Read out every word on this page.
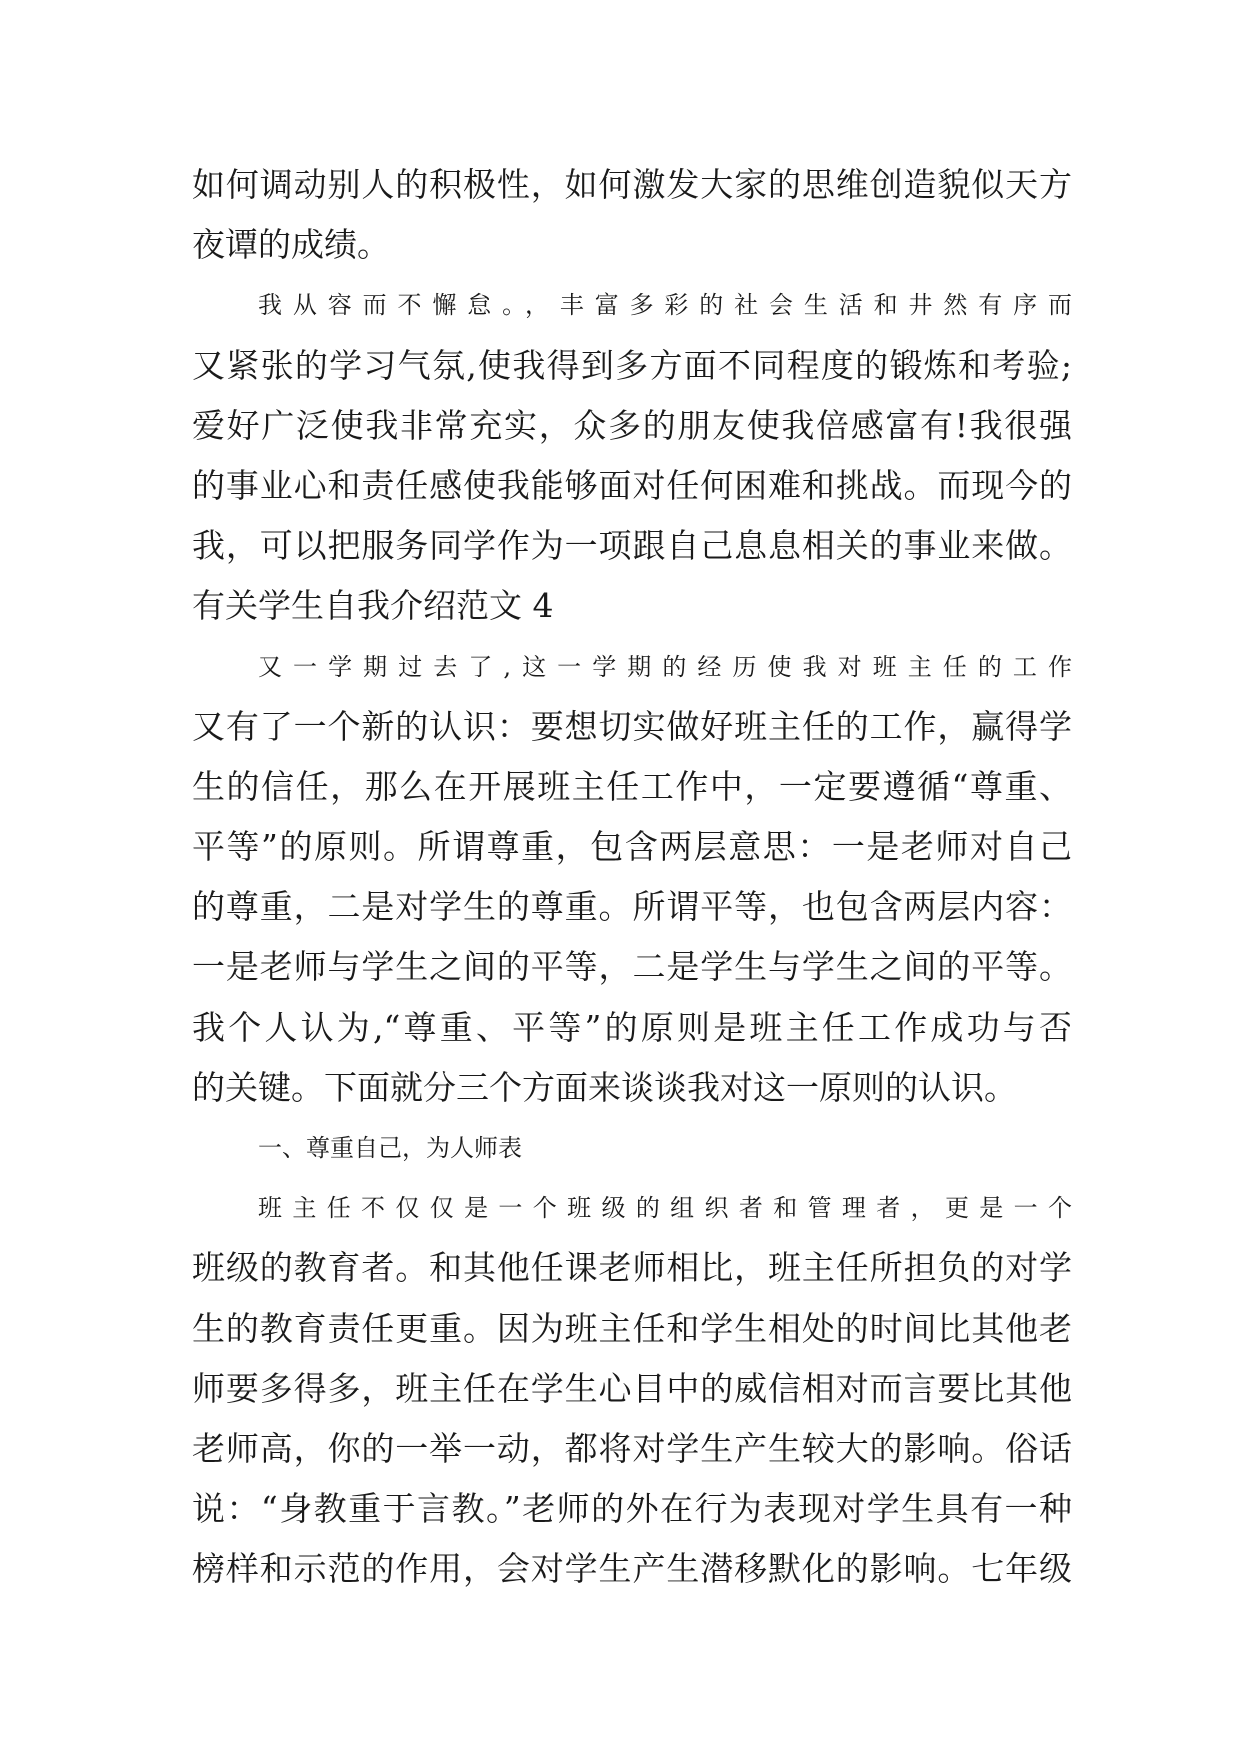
如何调动别人的积极性，如何激发大家的思维创造貌似天方
夜谭的成绩。
我从容而不懈怠。，丰富多彩的社会生活和井然有序而
又紧张的学习气氛,使我得到多方面不同程度的锻炼和考验;
爱好广泛使我非常充实，众多的朋友使我倍感富有!我很强
的事业心和责任感使我能够面对任何困难和挑战。而现今的
我，可以把服务同学作为一项跟自己息息相关的事业来做。
有关学生自我介绍范文 4
又一学期过去了,这一学期的经历使我对班主任的工作
又有了一个新的认识：要想切实做好班主任的工作，赢得学
生的信任，那么在开展班主任工作中，一定要遵循“尊重、
平等”的原则。所谓尊重，包含两层意思：一是老师对自己
的尊重，二是对学生的尊重。所谓平等，也包含两层内容：
一是老师与学生之间的平等，二是学生与学生之间的平等。
我个人认为,“尊重、平等”的原则是班主任工作成功与否
的关键。下面就分三个方面来谈谈我对这一原则的认识。
一、尊重自己，为人师表
班主任不仅仅是一个班级的组织者和管理者，更是一个
班级的教育者。和其他任课老师相比，班主任所担负的对学
生的教育责任更重。因为班主任和学生相处的时间比其他老
师要多得多，班主任在学生心目中的威信相对而言要比其他
老师高，你的一举一动，都将对学生产生较大的影响。俗话
说：“身教重于言教。”老师的外在行为表现对学生具有一种
榜样和示范的作用，会对学生产生潜移默化的影响。七年级
